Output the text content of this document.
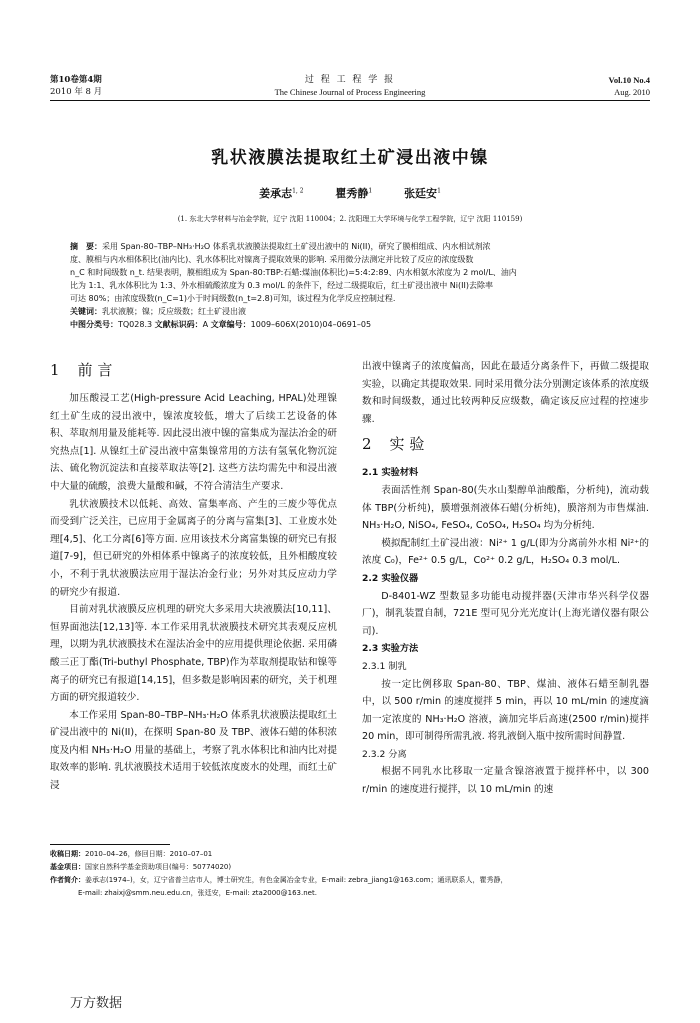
第10卷第4期
2010 年 8 月
过 程 工 程 学 报
The Chinese Journal of Process Engineering
Vol.10 No.4
Aug. 2010
乳状液膜法提取红土矿浸出液中镍
姜承志$^{1, 2}$	瞿秀静$^1$	张廷安$^1$
(1. 东北大学材料与冶金学院，辽宁 沈阳 110004；2. 沈阳理工大学环境与化学工程学院，辽宁 沈阳 110159)
摘　要：采用 Span-80–TBP–NH₃·H₂O 体系乳状液膜法提取红土矿浸出液中的 Ni(II)，研究了膜相组成、内水相试剂浓
度、膜相与内水相体积比(油内比)、乳水体积比对镍离子提取效果的影响. 采用微分法测定并比较了反应的浓度级数
n_C 和时间级数 n_t. 结果表明，膜相组成为 Span-80:TBP:石蜡:煤油(体积比)=5:4:2:89、内水相氨水浓度为 2 mol/L、油内
比为 1:1、乳水体积比为 1:3、外水相硫酸浓度为 0.3 mol/L 的条件下，经过二级提取后，红土矿浸出液中 Ni(II)去除率
可达 80%；由浓度级数(n_C=1)小于时间级数(n_t=2.8)可知，该过程为化学反应控制过程.
关键词：乳状液膜；镍；反应级数；红土矿浸出液
中图分类号：TQ028.3 文献标识码：A 文章编号：1009–606X(2010)04–0691–05
1 前 言

加压酸浸工艺(High-pressure Acid Leaching, HPAL)处理镍红土矿生成的浸出液中，镍浓度较低，增大了后续工艺设备的体积、萃取剂用量及能耗等. 因此浸出液中镍的富集成为湿法冶金的研究热点[1]. 从镍红土矿浸出液中富集镍常用的方法有氢氧化物沉淀法、硫化物沉淀法和直接萃取法等[2]. 这些方法均需先中和浸出液中大量的硫酸，浪费大量酸和碱，不符合清洁生产要求.

乳状液膜技术以低耗、高效、富集率高、产生的三废少等优点而受到广泛关注，已应用于金属离子的分离与富集[3]、工业废水处理[4,5]、化工分离[6]等方面. 应用该技术分离富集镍的研究已有报道[7-9]，但已研究的外相体系中镍离子的浓度较低，且外相酸度较小，不利于乳状液膜法应用于湿法冶金行业；另外对其反应动力学的研究少有报道.

目前对乳状液膜反应机理的研究大多采用大块液膜法[10,11]、恒界面池法[12,13]等. 本工作采用乳状液膜技术研究其表观反应机理，以期为乳状液膜技术在湿法冶金中的应用提供理论依据. 采用磷酸三正丁酯(Tri-buthyl Phosphate, TBP)作为萃取剂提取钴和镍等离子的研究已有报道[14,15]，但多数是影响因素的研究，关于机理方面的研究报道较少.

本工作采用 Span-80–TBP–NH₃·H₂O 体系乳状液膜法提取红土矿浸出液中的 Ni(II)，在探明 Span-80 及 TBP、液体石蜡的体积浓度及内相 NH₃·H₂O 用量的基础上，考察了乳水体积比和油内比对提取效率的影响. 乳状液膜技术适用于较低浓度废水的处理，而红土矿浸

出液中镍离子的浓度偏高，因此在最适分离条件下，再做二级提取实验，以确定其提取效果. 同时采用微分法分别测定该体系的浓度级数和时间级数，通过比较两种反应级数，确定该反应过程的控速步骤.

2 实 验
2.1 实验材料

表面活性剂 Span-80(失水山梨醇单油酸酯，分析纯)，流动载体 TBP(分析纯)，膜增强剂液体石蜡(分析纯)，膜溶剂为市售煤油. NH₃·H₂O, NiSO₄, FeSO₄, CoSO₄, H₂SO₄ 均为分析纯.

模拟配制红土矿浸出液：Ni²⁺ 1 g/L(即为分离前外水相 Ni²⁺的浓度 C₀)，Fe²⁺ 0.5 g/L，Co²⁺ 0.2 g/L，H₂SO₄ 0.3 mol/L.

2.2 实验仪器

D-8401-WZ 型数显多功能电动搅拌器(天津市华兴科学仪器厂)，制乳装置自制，721E 型可见分光光度计(上海光谱仪器有限公司).

2.3 实验方法
2.3.1 制乳

按一定比例移取 Span-80、TBP、煤油、液体石蜡至制乳器中，以 500 r/min 的速度搅拌 5 min，再以 10 mL/min 的速度滴加一定浓度的 NH₃·H₂O 溶液，滴加完毕后高速(2500 r/min)搅拌 20 min，即可制得所需乳液. 将乳液倒入瓶中按所需时间静置.

2.3.2 分离

根据不同乳水比移取一定量含镍溶液置于搅拌杯中，以 300 r/min 的速度进行搅拌，以 10 mL/min 的速

收稿日期：2010–04–26，修回日期：2010–07–01
基金项目：国家自然科学基金资助项目(编号：50774020)
作者简介：姜承志(1974–)，女，辽宁省普兰店市人，博士研究生，有色金属冶金专业，E-mail: zebra_jiang1@163.com；通讯联系人，瞿秀静，
E-mail: zhaixj@smm.neu.edu.cn，张廷安，E-mail: zta2000@163.net.
万方数据
